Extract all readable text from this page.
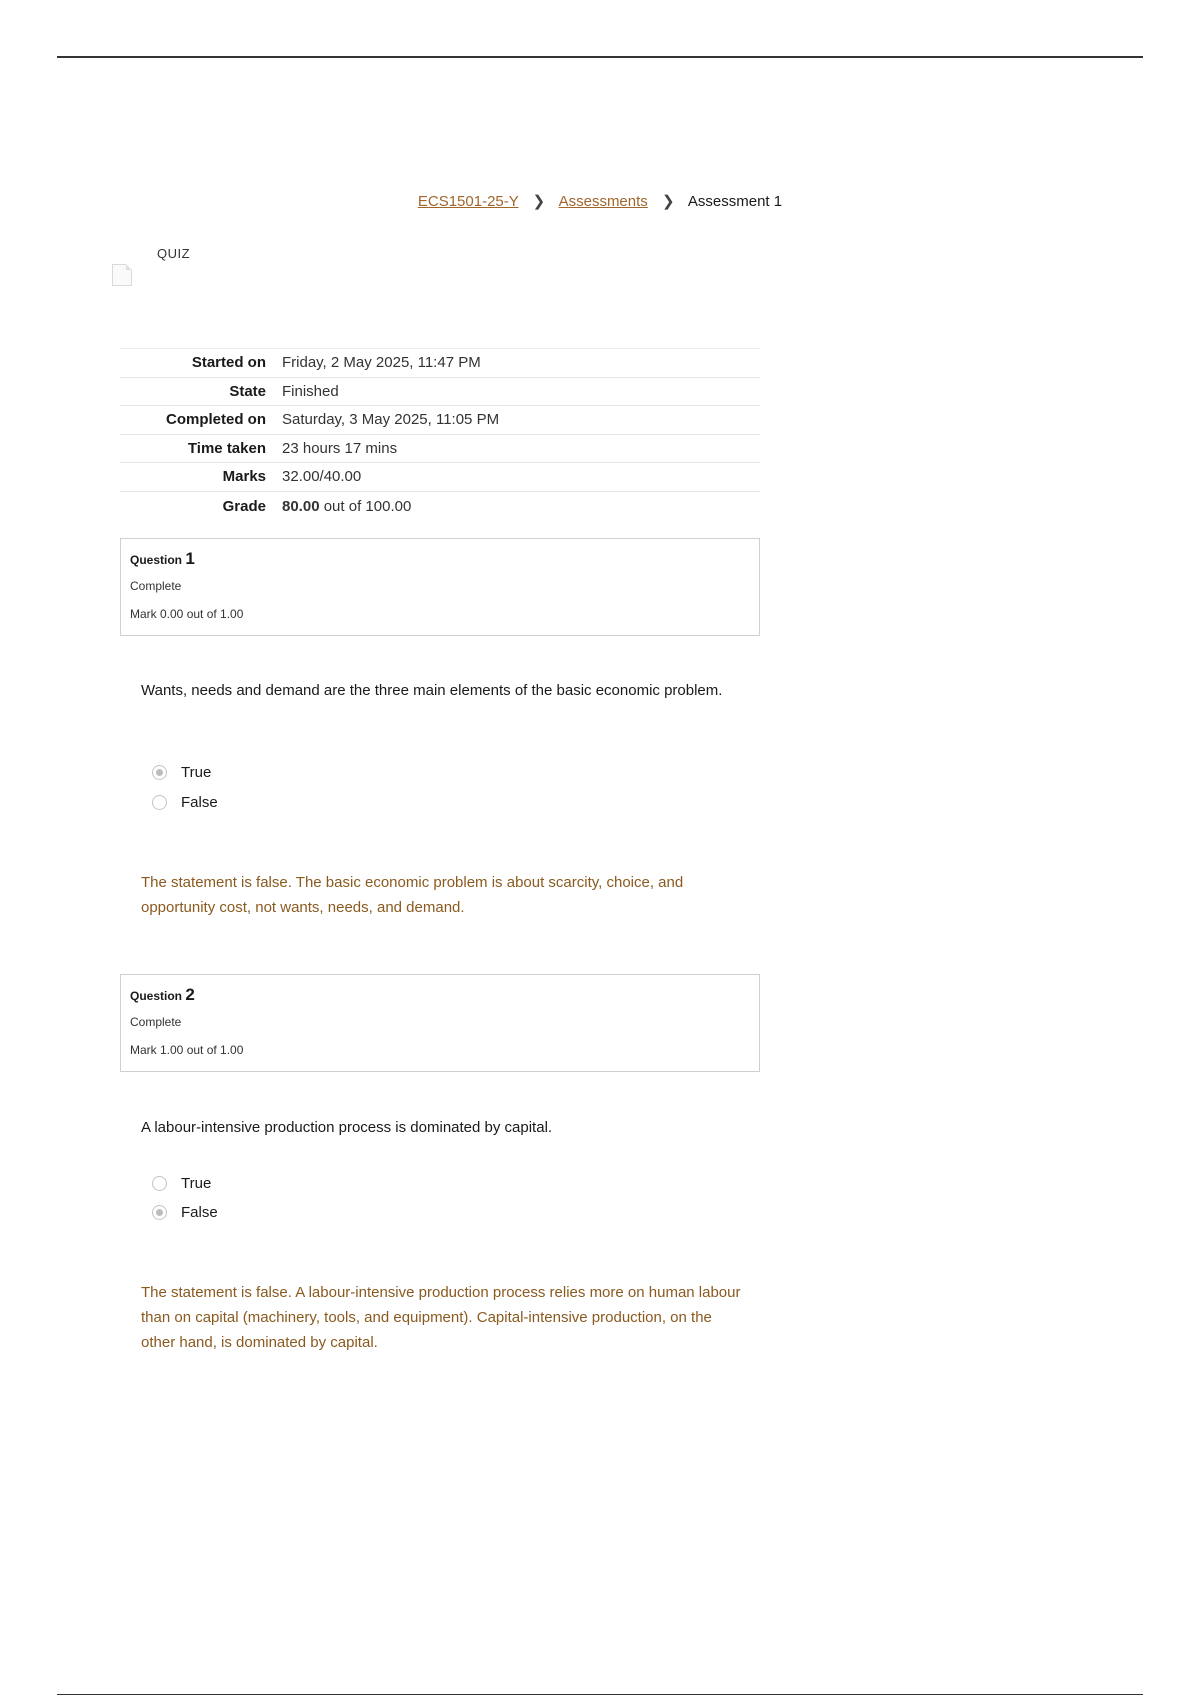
ECS1501-25-Y ❯ Assessments ❯ Assessment 1
QUIZ
Started on	Friday, 2 May 2025, 11:47 PM
State	Finished
Completed on	Saturday, 3 May 2025, 11:05 PM
Time taken	23 hours 17 mins
Marks	32.00/40.00
Grade	80.00 out of 100.00
Question 1
Complete
Mark 0.00 out of 1.00
Wants, needs and demand are the three main elements of the basic economic problem.
True
False
The statement is false. The basic economic problem is about scarcity, choice, and opportunity cost, not wants, needs, and demand.
Question 2
Complete
Mark 1.00 out of 1.00
A labour-intensive production process is dominated by capital.
True
False
The statement is false. A labour-intensive production process relies more on human labour than on capital (machinery, tools, and equipment). Capital-intensive production, on the other hand, is dominated by capital.
